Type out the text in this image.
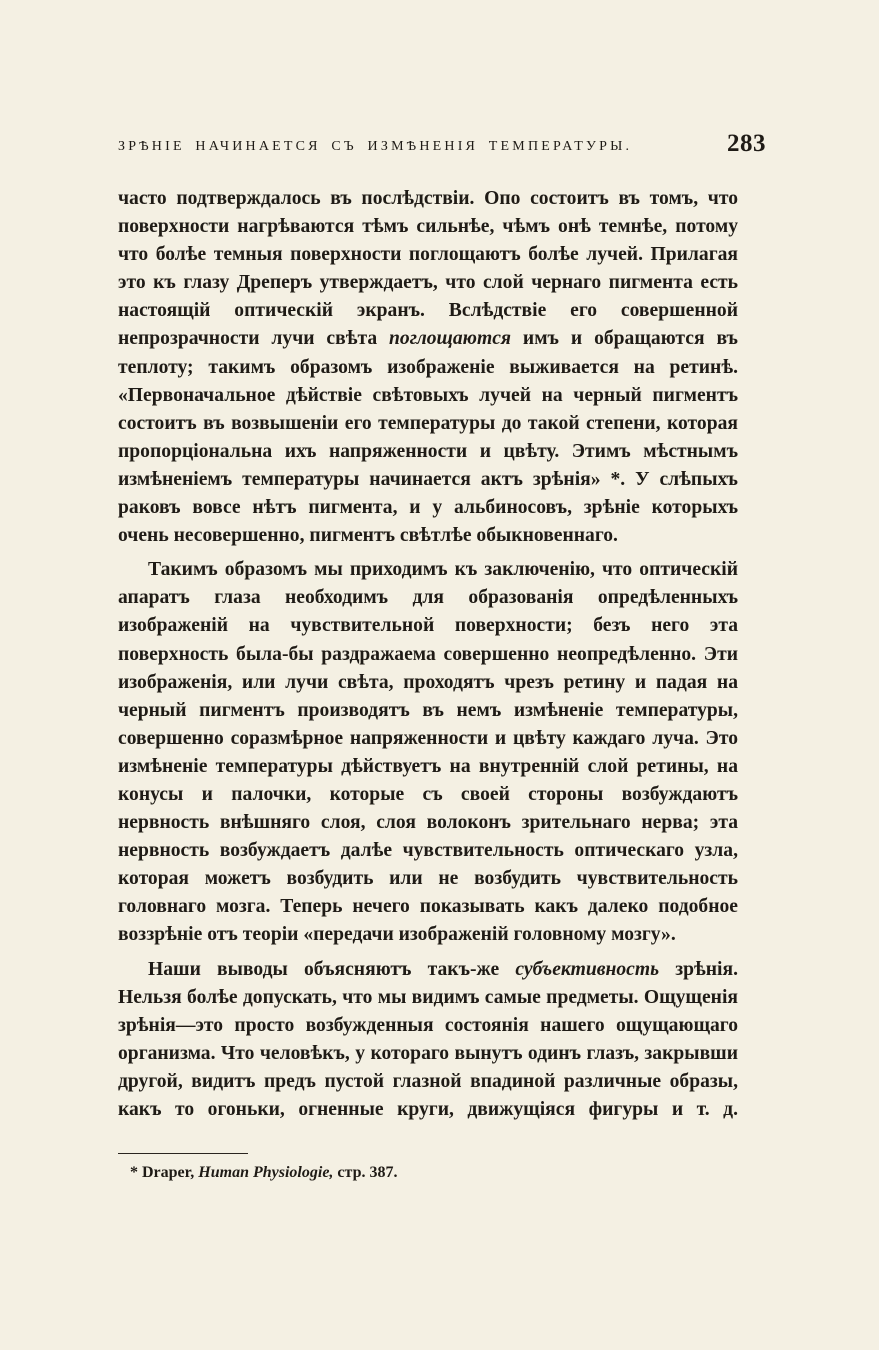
ЗРѢНІЕ НАЧИНАЕТСЯ СЪ ИЗМѢНЕНІЯ ТЕМПЕРАТУРЫ.	283

часто подтверждалось въ послѣдствіи. Опо состоитъ въ томъ, что поверхности нагрѣваются тѣмъ сильнѣе, чѣмъ онѣ темнѣе, потому что болѣе темныя поверхности поглощаютъ болѣе лучей. Прилагая это къ глазу Дреперъ утверждаетъ, что слой чернаго пигмента есть настоящій оптическій экранъ. Вслѣдствіе его совершенной непрозрачности лучи свѣта поглощаются имъ и обращаются въ теплоту; такимъ образомъ изображеніе выживается на ретинѣ. «Первоначальное дѣйствіе свѣтовыхъ лучей на черный пигментъ состоитъ въ возвышеніи его температуры до такой степени, которая пропорціональна ихъ напряженности и цвѣту. Этимъ мѣстнымъ измѣненіемъ температуры начинается актъ зрѣнія» *. У слѣпыхъ раковъ вовсе нѣтъ пигмента, и у альбиносовъ, зрѣніе которыхъ очень несовершенно, пигментъ свѣтлѣе обыкновеннаго.

Такимъ образомъ мы приходимъ къ заключенію, что оптическій апаратъ глаза необходимъ для образованія опредѣленныхъ изображеній на чувствительной поверхности; безъ него эта поверхность была-бы раздражаема совершенно неопредѣленно. Эти изображенія, или лучи свѣта, проходятъ чрезъ ретину и падая на черный пигментъ производятъ въ немъ измѣненіе температуры, совершенно соразмѣрное напряженности и цвѣту каждаго луча. Это измѣненіе температуры дѣйствуетъ на внутренній слой ретины, на конусы и палочки, которые съ своей стороны возбуждаютъ нервность внѣшняго слоя, слоя волоконъ зрительнаго нерва; эта нервность возбуждаетъ далѣе чувствительность оптическаго узла, которая можетъ возбудить или не возбудить чувствительность головнаго мозга. Теперь нечего показывать какъ далеко подобное воззрѣніе отъ теоріи «передачи изображеній головному мозгу».

Наши выводы объясняютъ такъ-же субъективность зрѣнія. Нельзя болѣе допускать, что мы видимъ самые предметы. Ощущенія зрѣнія—это просто возбужденныя состоянія нашего ощущающаго организма. Что человѣкъ, у котораго вынутъ одинъ глазъ, закрывши другой, видитъ предъ пустой глазной впадиной различные образы, какъ то огоньки, огненные круги, движущіяся фигуры и т. д.

* Draper, Human Physiologie, стр. 387.
